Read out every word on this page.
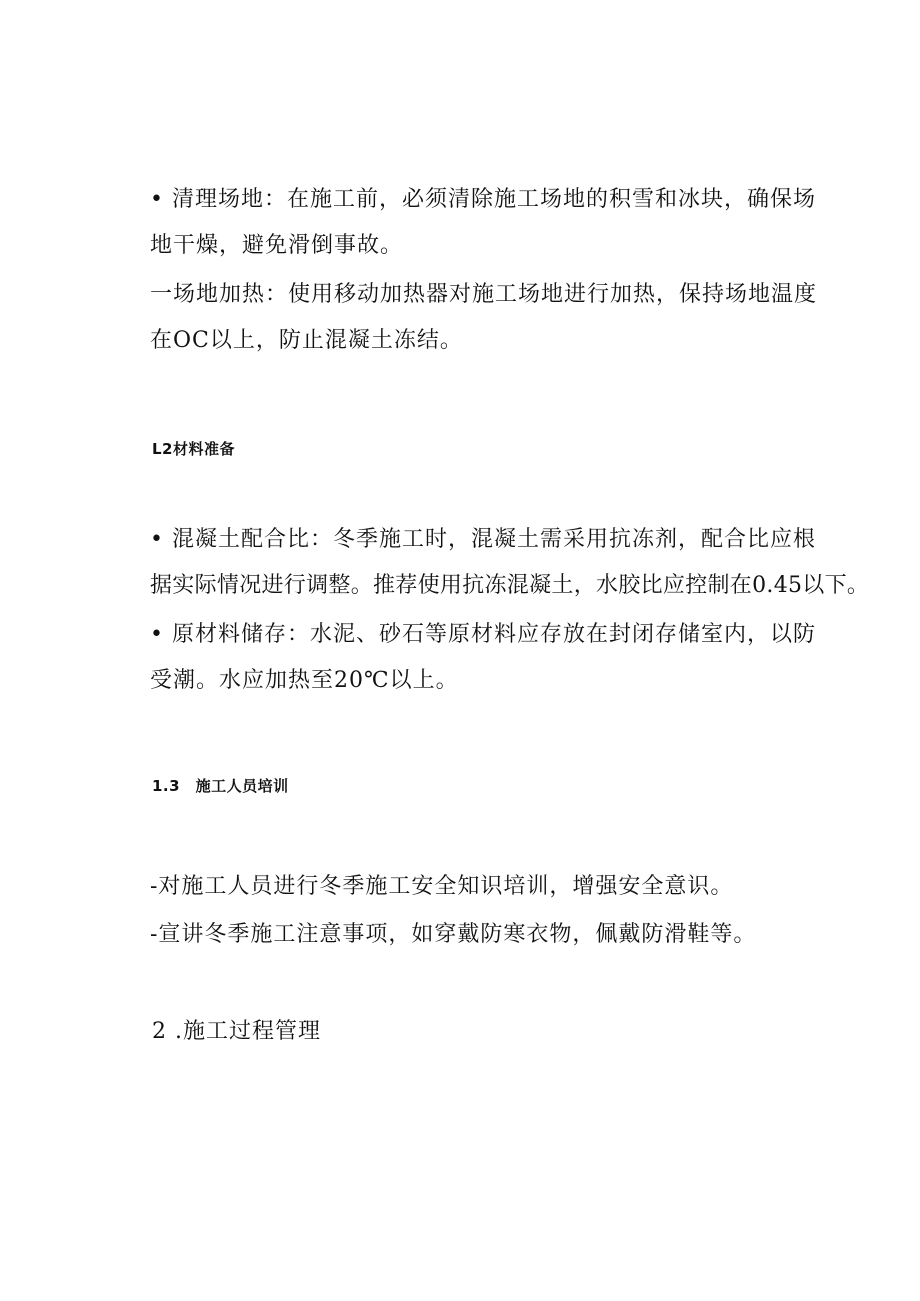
• 清理场地：在施工前，必须清除施工场地的积雪和冰块，确保场
地干燥，避免滑倒事故。
一场地加热：使用移动加热器对施工场地进行加热，保持场地温度
在OC以上，防止混凝土冻结。
L2材料准备
• 混凝土配合比：冬季施工时，混凝土需采用抗冻剂，配合比应根
据实际情况进行调整。推荐使用抗冻混凝土，水胶比应控制在0.45以下。
• 原材料储存：水泥、砂石等原材料应存放在封闭存储室内，以防
受潮。水应加热至20℃以上。
1.3　施工人员培训
-对施工人员进行冬季施工安全知识培训，增强安全意识。
-宣讲冬季施工注意事项，如穿戴防寒衣物，佩戴防滑鞋等。
2 .施工过程管理
